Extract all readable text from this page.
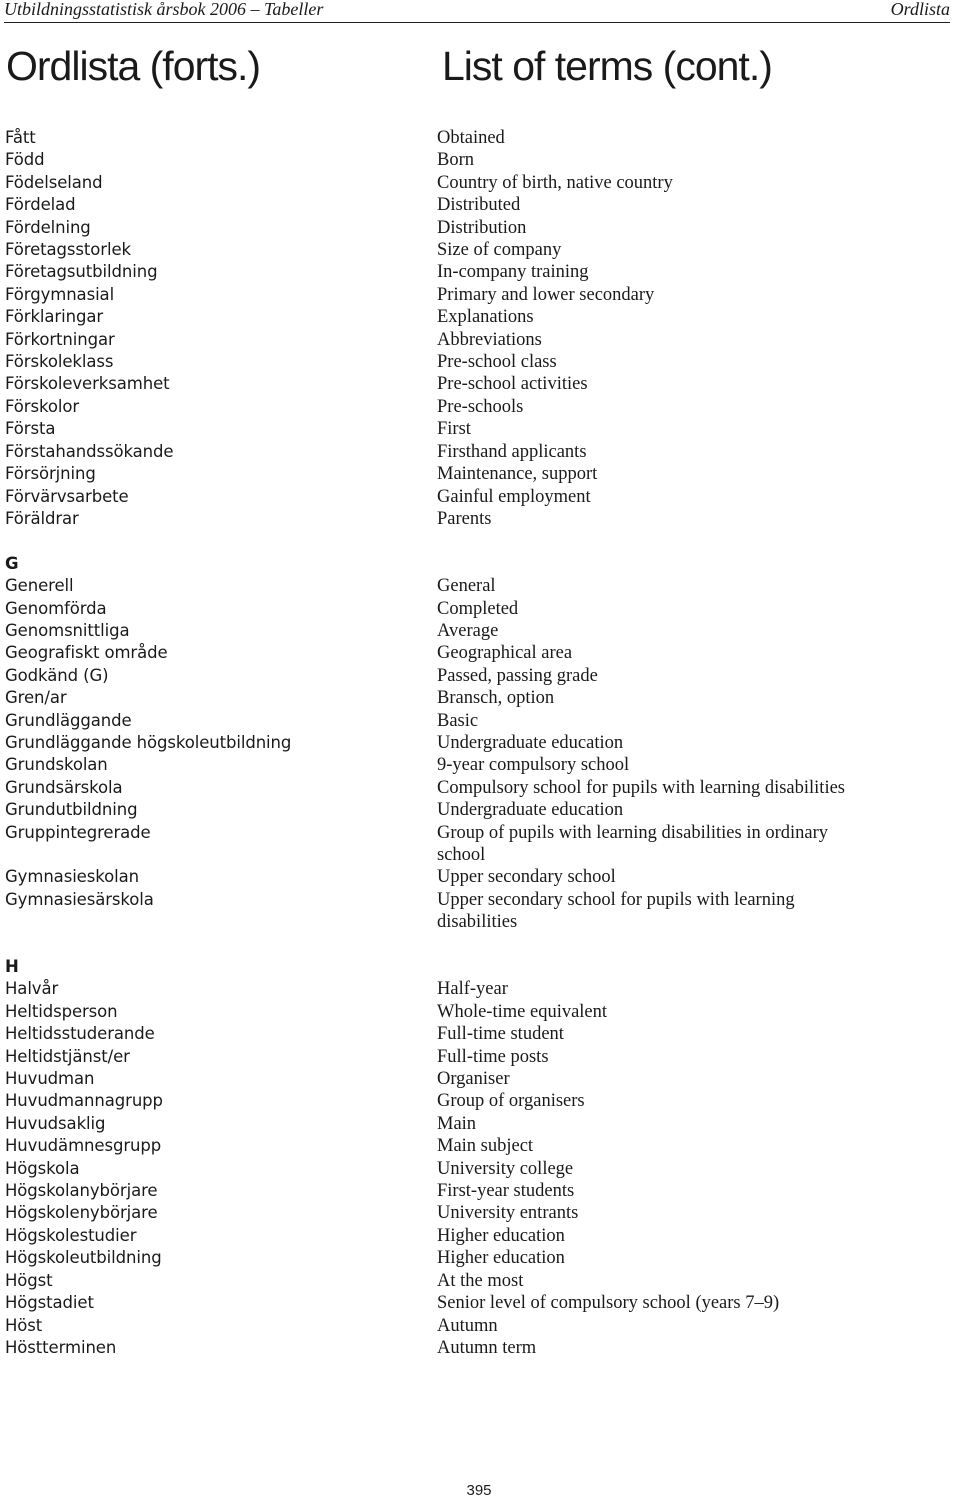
Utbildningsstatistisk årsbok 2006 – Tabeller	Ordlista
Ordlista (forts.)	List of terms (cont.)
Fått	Obtained
Född	Born
Födelseland	Country of birth, native country
Fördelad	Distributed
Fördelning	Distribution
Företagsstorlek	Size of company
Företagsutbildning	In-company training
Förgymnasial	Primary and lower secondary
Förklaringar	Explanations
Förkortningar	Abbreviations
Förskoleklass	Pre-school class
Förskoleverksamhet	Pre-school activities
Förskolor	Pre-schools
Första	First
Förstahandssökande	Firsthand applicants
Försörjning	Maintenance, support
Förvärvsarbete	Gainful employment
Föräldrar	Parents
G
Generell	General
Genomförda	Completed
Genomsnittliga	Average
Geografiskt område	Geographical area
Godkänd (G)	Passed, passing grade
Gren/ar	Bransch, option
Grundläggande	Basic
Grundläggande högskoleutbildning	Undergraduate education
Grundskolan	9-year compulsory school
Grundsärskola	Compulsory school for pupils with learning disabilities
Grundutbildning	Undergraduate education
Gruppintegrerade	Group of pupils with learning disabilities in ordinary
school
Gymnasieskolan	Upper secondary school
Gymnasiesärskola	Upper secondary school for pupils with learning
disabilities
H
Halvår	Half-year
Heltidsperson	Whole-time equivalent
Heltidsstuderande	Full-time student
Heltidstjänst/er	Full-time posts
Huvudman	Organiser
Huvudmannagrupp	Group of organisers
Huvudsaklig	Main
Huvudämnesgrupp	Main subject
Högskola	University college
Högskolanybörjare	First-year students
Högskolenybörjare	University entrants
Högskolestudier	Higher education
Högskoleutbildning	Higher education
Högst	At the most
Högstadiet	Senior level of compulsory school (years 7–9)
Höst	Autumn
Höstterminen	Autumn term
395
